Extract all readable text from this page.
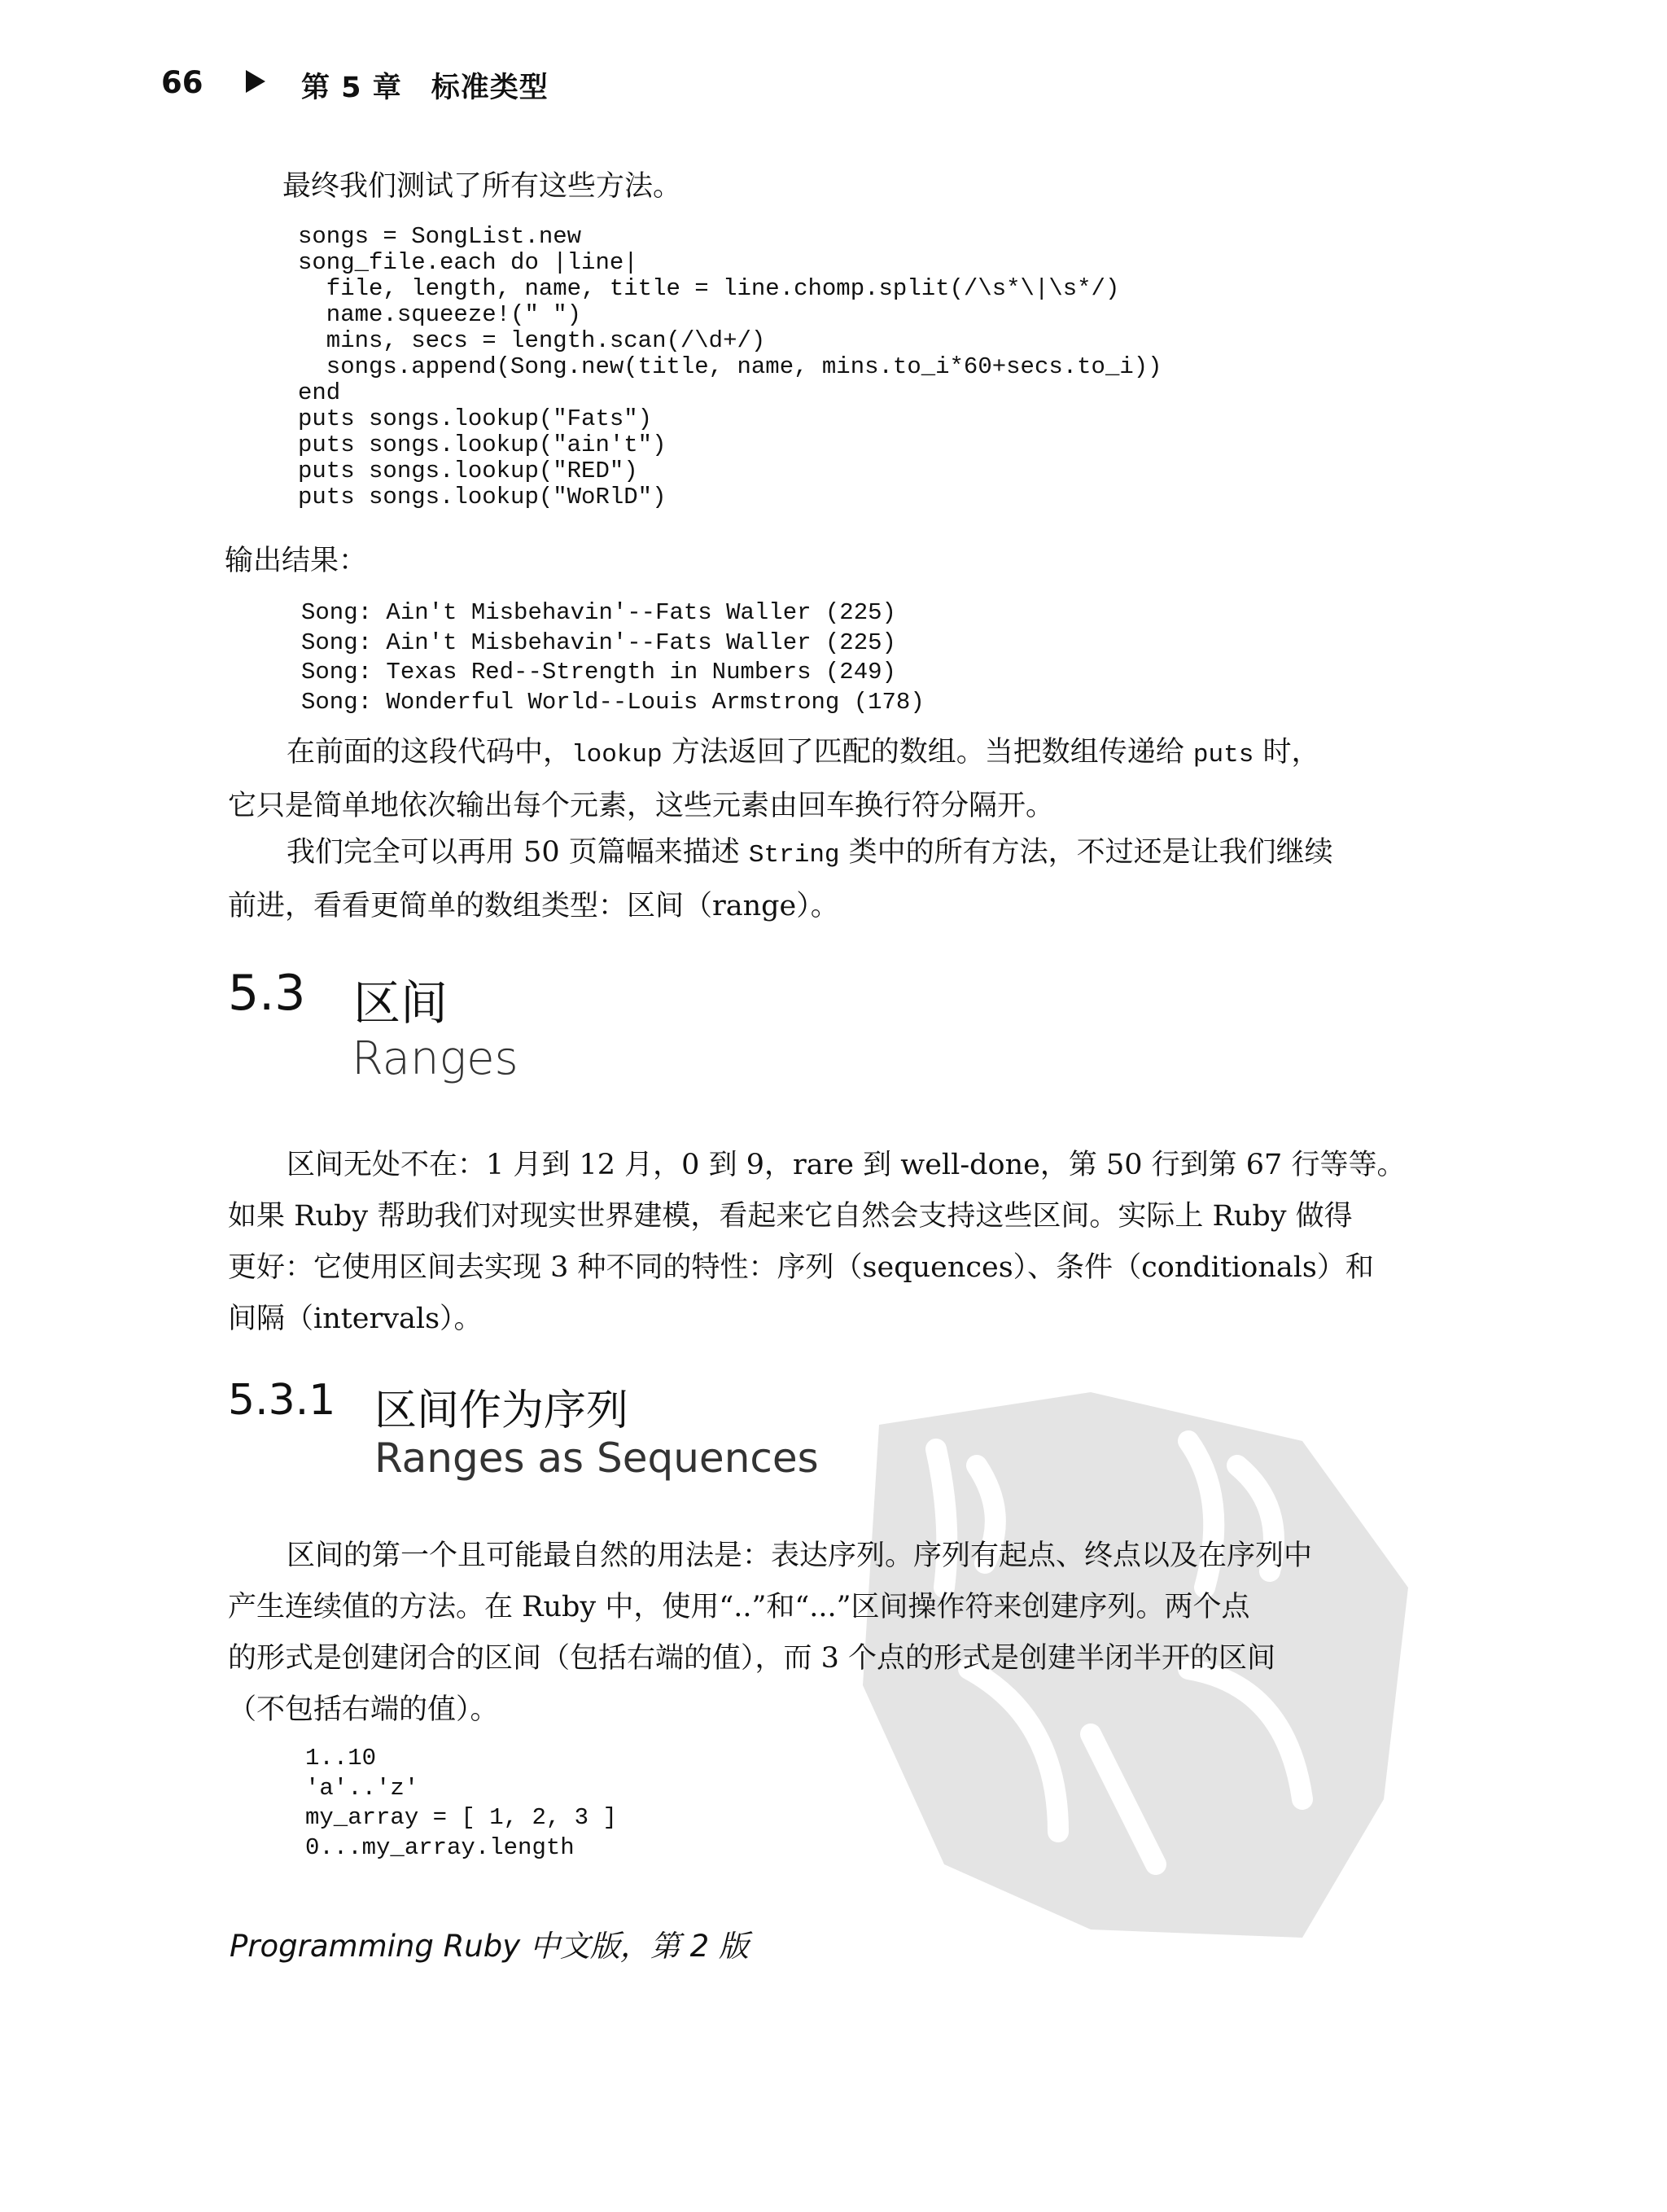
66	第 5 章　标准类型
最终我们测试了所有这些方法。
songs = SongList.new
song_file.each do |line|
file, length, name, title = line.chomp.split(/\s*\|\s*/)
name.squeeze!(" ")
mins, secs = length.scan(/\d+/)
songs.append(Song.new(title, name, mins.to_i*60+secs.to_i))
end
puts songs.lookup("Fats")
puts songs.lookup("ain't")
puts songs.lookup("RED")
puts songs.lookup("WoRlD")
输出结果：
Song: Ain't Misbehavin'--Fats Waller (225)
Song: Ain't Misbehavin'--Fats Waller (225)
Song: Texas Red--Strength in Numbers (249)
Song: Wonderful World--Louis Armstrong (178)

在前面的这段代码中，lookup 方法返回了匹配的数组。当把数组传递给 puts 时，

它只是简单地依次输出每个元素，这些元素由回车换行符分隔开。

我们完全可以再用 50 页篇幅来描述 String 类中的所有方法，不过还是让我们继续

前进，看看更简单的数组类型：区间（range）。

5.3 区间
Ranges

区间无处不在：1 月到 12 月，0 到 9，rare 到 well-done，第 50 行到第 67 行等等。

如果 Ruby 帮助我们对现实世界建模，看起来它自然会支持这些区间。实际上 Ruby 做得

更好：它使用区间去实现 3 种不同的特性：序列（sequences）、条件（conditionals）和

间隔（intervals）。

5.3.1 区间作为序列
Ranges as Sequences

区间的第一个且可能最自然的用法是：表达序列。序列有起点、终点以及在序列中

产生连续值的方法。在 Ruby 中，使用“..”和“...”区间操作符来创建序列。两个点

的形式是创建闭合的区间（包括右端的值），而 3 个点的形式是创建半闭半开的区间

（不包括右端的值）。

1..10
'a'..'z'
my_array = [ 1, 2, 3 ]
0...my_array.length
Programming Ruby 中文版，第 2 版
